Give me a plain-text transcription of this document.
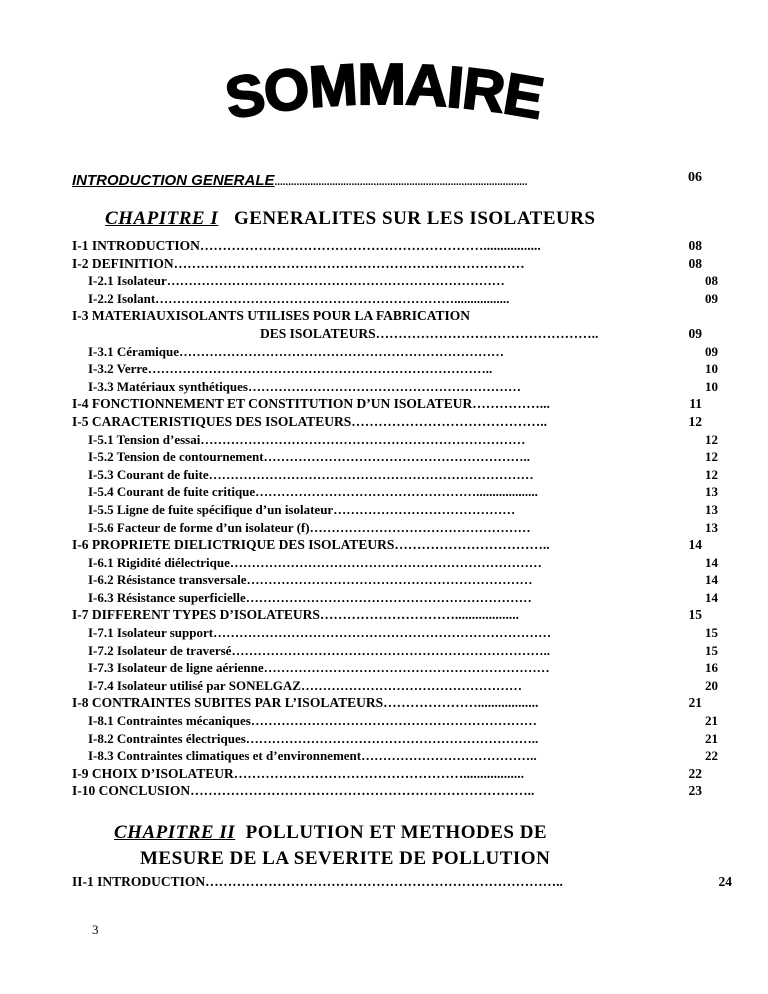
SOMMAIRE
INTRODUCTION GENERALE............................................................................................	06
CHAPITRE I GENERALITES SUR LES ISOLATEURS
I-1 INTRODUCTION……………………………………………………….................	08
I-2 DEFINITION……………………………………………………………………	08
I-2.1 Isolateur……………………………………………………………………	08
I-2.2 Isolant…………………………………………………………….................	09
I-3 MATERIAUXISOLANTS UTILISES POUR LA FABRICATION
DES ISOLATEURS…………………………………………..	09
I-3.1 Céramique…………………………………………………………………	09
I-3.2 Verre……………………………………………………………………..	10
I-3.3 Matériaux synthétiques………………………………………………………	10
I-4 FONCTIONNEMENT ET CONSTITUTION D’UN ISOLATEUR……………...	11
I-5 CARACTERISTIQUES DES ISOLATEURS……………………………………..	12
I-5.1 Tension d’essai…………………………………………………………………	12
I-5.2 Tension de contournement……………………………………………………..	12
I-5.3 Courant de fuite…………………………………………………………………	12
I-5.4 Courant de fuite critique……………………………………………...................	13
I-5.5 Ligne de fuite spécifique d’un isolateur……………………………………	13
I-5.6 Facteur de forme d’un isolateur (f)……………………………………………	13
I-6 PROPRIETE DIELICTRIQUE DES ISOLATEURS……………………………..	14
I-6.1 Rigidité diélectrique………………………………………………………………	14
I-6.2 Résistance transversale…………………………………………………………	14
I-6.3 Résistance superficielle…………………………………………………………	14
I-7 DIFFERENT TYPES D’ISOLATEURS…………………………...................	15
I-7.1 Isolateur support……………………………………………………………………	15
I-7.2 Isolateur de traversé………………………………………………………………..	15
I-7.3 Isolateur de ligne aérienne…………………………………………………………	16
I-7.4 Isolateur utilisé par SONELGAZ……………………………………………	20
I-8 CONTRAINTES SUBITES PAR L’ISOLATEURS…………………..................	21
I-8.1 Contraintes mécaniques…………………………………………………………	21
I-8.2 Contraintes électriques…………………………………………………………..	21
I-8.3 Contraintes climatiques et d’environnement…………………………………..	22
I-9 CHOIX D’ISOLATEUR……………………………………………..................	22
I-10 CONCLUSION…………………………………………………………………..	23
CHAPITRE II POLLUTION ET METHODES DE
MESURE DE LA SEVERITE DE POLLUTION
II-1 INTRODUCTION……………………………………………………………………..	24
3
